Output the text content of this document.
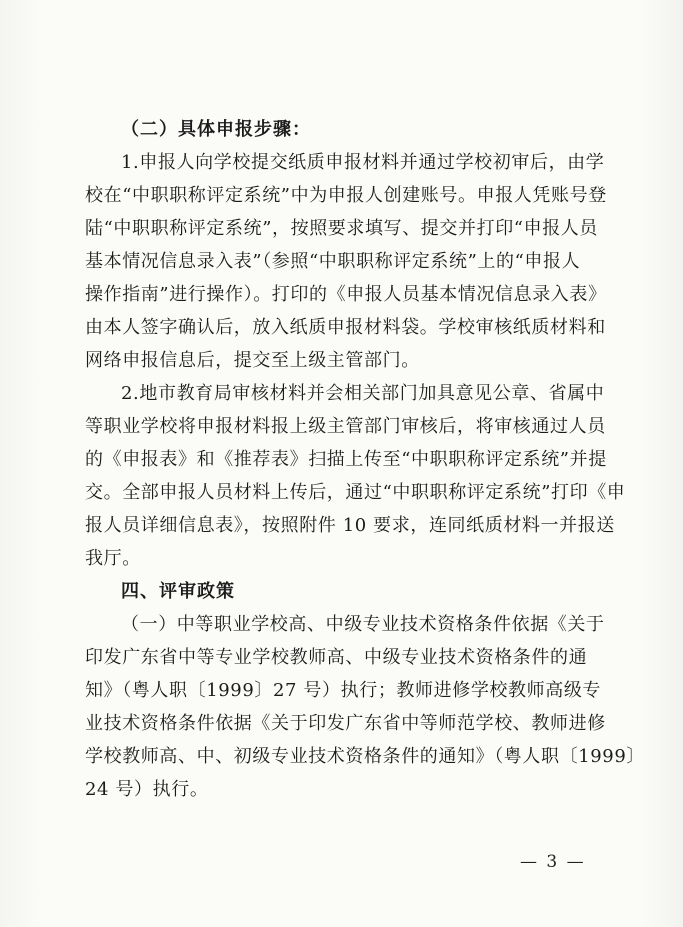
（二）具体申报步骤：
1.申报人向学校提交纸质申报材料并通过学校初审后，由学
校在“中职职称评定系统”中为申报人创建账号。申报人凭账号登
陆“中职职称评定系统”，按照要求填写、提交并打印“申报人员
基本情况信息录入表”（参照“中职职称评定系统”上的“申报人
操作指南”进行操作）。打印的《申报人员基本情况信息录入表》
由本人签字确认后，放入纸质申报材料袋。学校审核纸质材料和
网络申报信息后，提交至上级主管部门。
2.地市教育局审核材料并会相关部门加具意见公章、省属中
等职业学校将申报材料报上级主管部门审核后，将审核通过人员
的《申报表》和《推荐表》扫描上传至“中职职称评定系统”并提
交。全部申报人员材料上传后，通过“中职职称评定系统”打印《申
报人员详细信息表》，按照附件 10 要求，连同纸质材料一并报送
我厅。
四、评审政策
（一）中等职业学校高、中级专业技术资格条件依据《关于
印发广东省中等专业学校教师高、中级专业技术资格条件的通
知》（粤人职〔1999〕27 号）执行；教师进修学校教师高级专
业技术资格条件依据《关于印发广东省中等师范学校、教师进修
学校教师高、中、初级专业技术资格条件的通知》（粤人职〔1999〕
24 号）执行。
— 3 —
